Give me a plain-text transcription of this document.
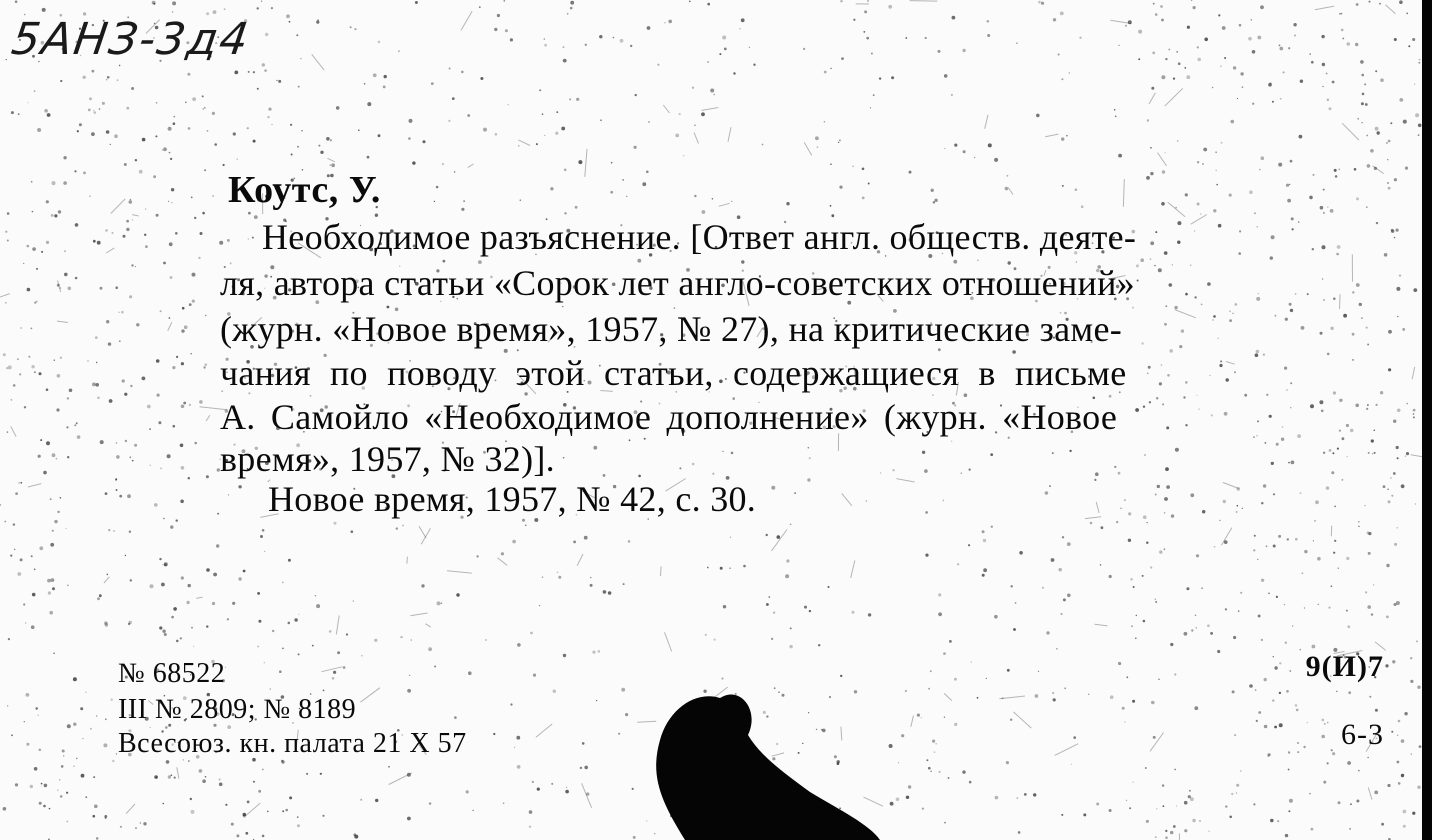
5АНЗ-3д4
Коутс, У.
Необходимое разъяснение. [Ответ англ. обществ. деяте-
ля, автора статьи «Сорок лет англо-советских отношений»
(журн. «Новое время», 1957, № 27), на критические заме-
чания по поводу этой статьи, содержащиеся в письме
А. Самойло «Необходимое дополнение» (журн. «Новое
время», 1957, № 32)].
Новое время, 1957, № 42, с. 30.
№ 68522
III № 2809; № 8189
Всесоюз. кн. палата 21 X 57
9(И)7
6-3
